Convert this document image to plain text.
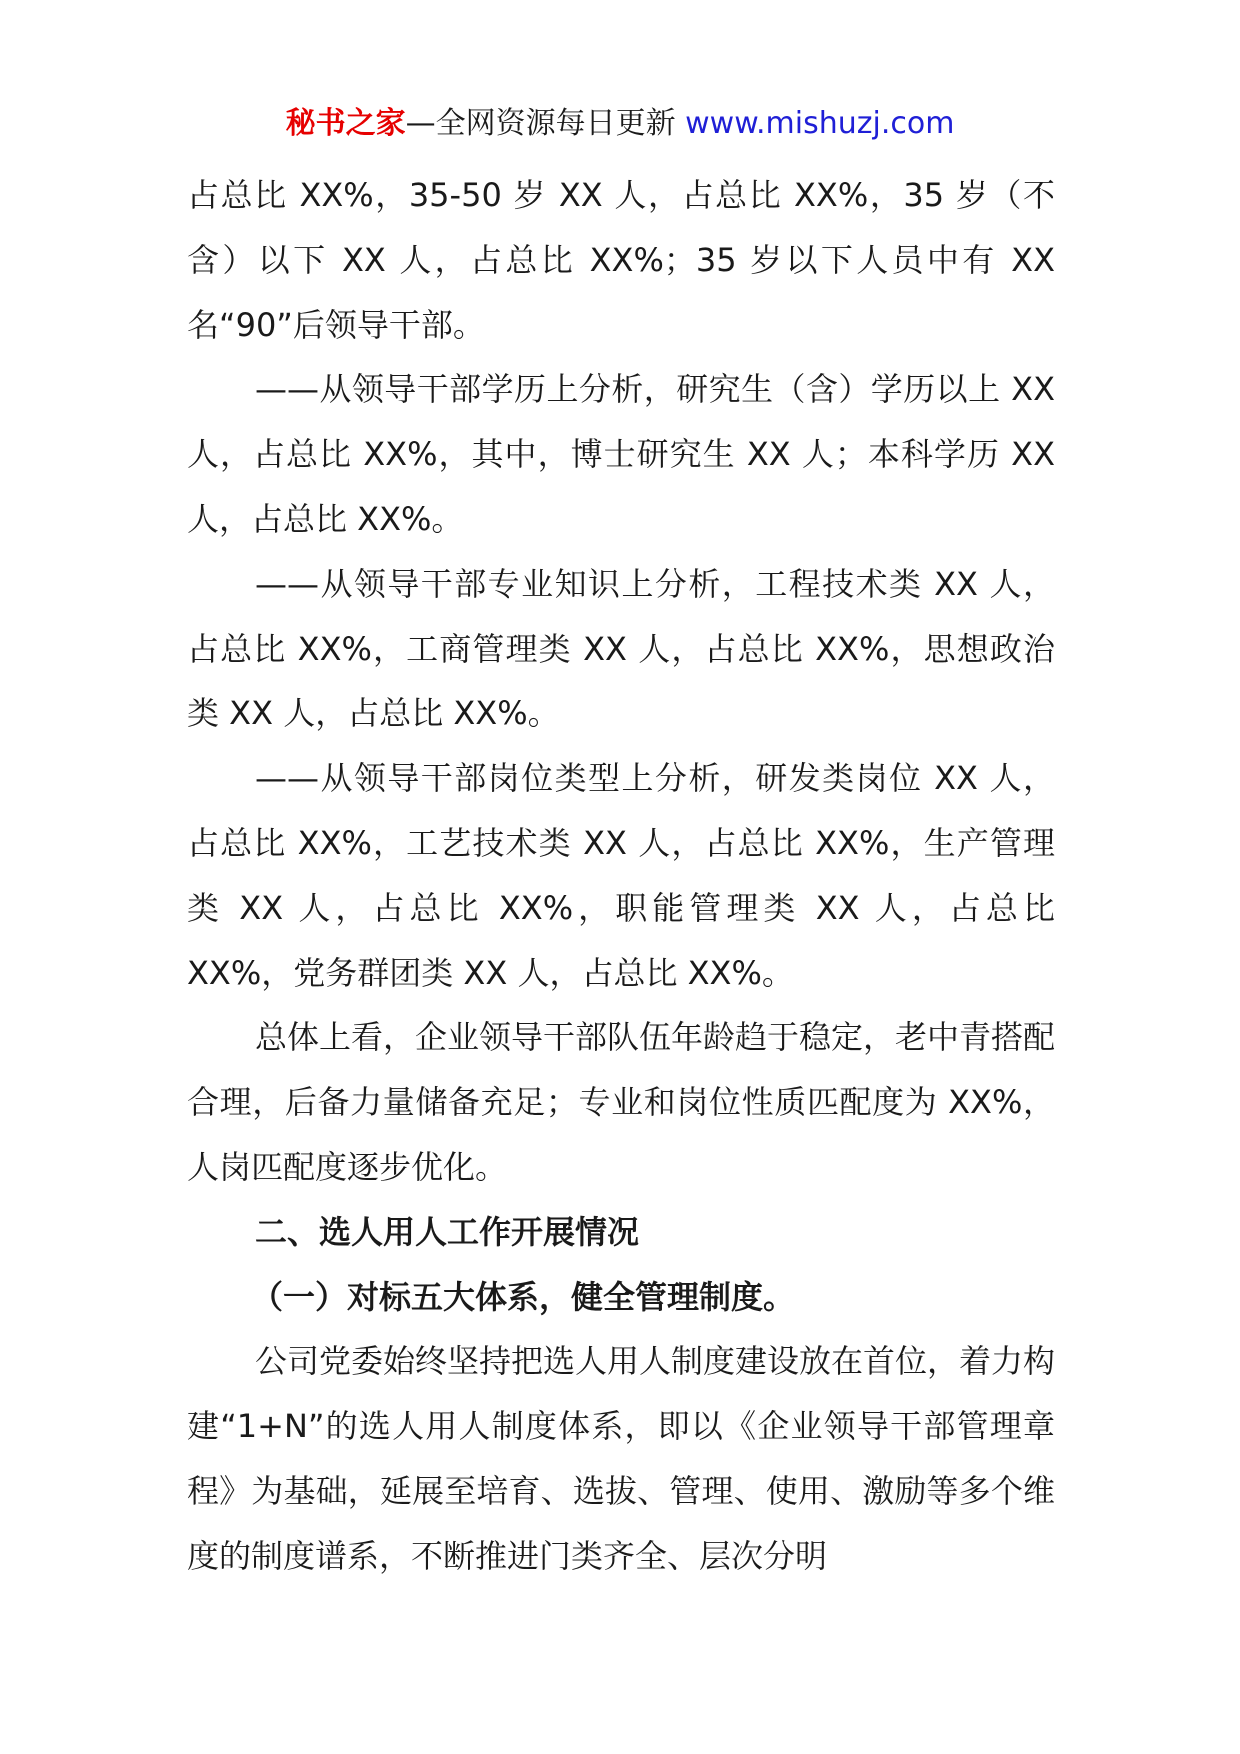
秘书之家—全网资源每日更新 www.mishuzj.com

占总比 XX%，35-50 岁 XX 人，占总比 XX%，35 岁（不含）以下 XX 人，占总比 XX%；35 岁以下人员中有 XX 名“90”后领导干部。

——从领导干部学历上分析，研究生（含）学历以上 XX 人，占总比 XX%，其中，博士研究生 XX 人；本科学历 XX 人，占总比 XX%。

——从领导干部专业知识上分析，工程技术类 XX 人，占总比 XX%，工商管理类 XX 人，占总比 XX%，思想政治类 XX 人，占总比 XX%。

——从领导干部岗位类型上分析，研发类岗位 XX 人，占总比 XX%，工艺技术类 XX 人，占总比 XX%，生产管理类 XX 人，占总比 XX%，职能管理类 XX 人，占总比 XX%，党务群团类 XX 人，占总比 XX%。

总体上看，企业领导干部队伍年龄趋于稳定，老中青搭配合理，后备力量储备充足；专业和岗位性质匹配度为 XX%，人岗匹配度逐步优化。

二、选人用人工作开展情况

（一）对标五大体系，健全管理制度。

公司党委始终坚持把选人用人制度建设放在首位，着力构建“1+N”的选人用人制度体系，即以《企业领导干部管理章程》为基础，延展至培育、选拔、管理、使用、激励等多个维度的制度谱系，不断推进门类齐全、层次分明
